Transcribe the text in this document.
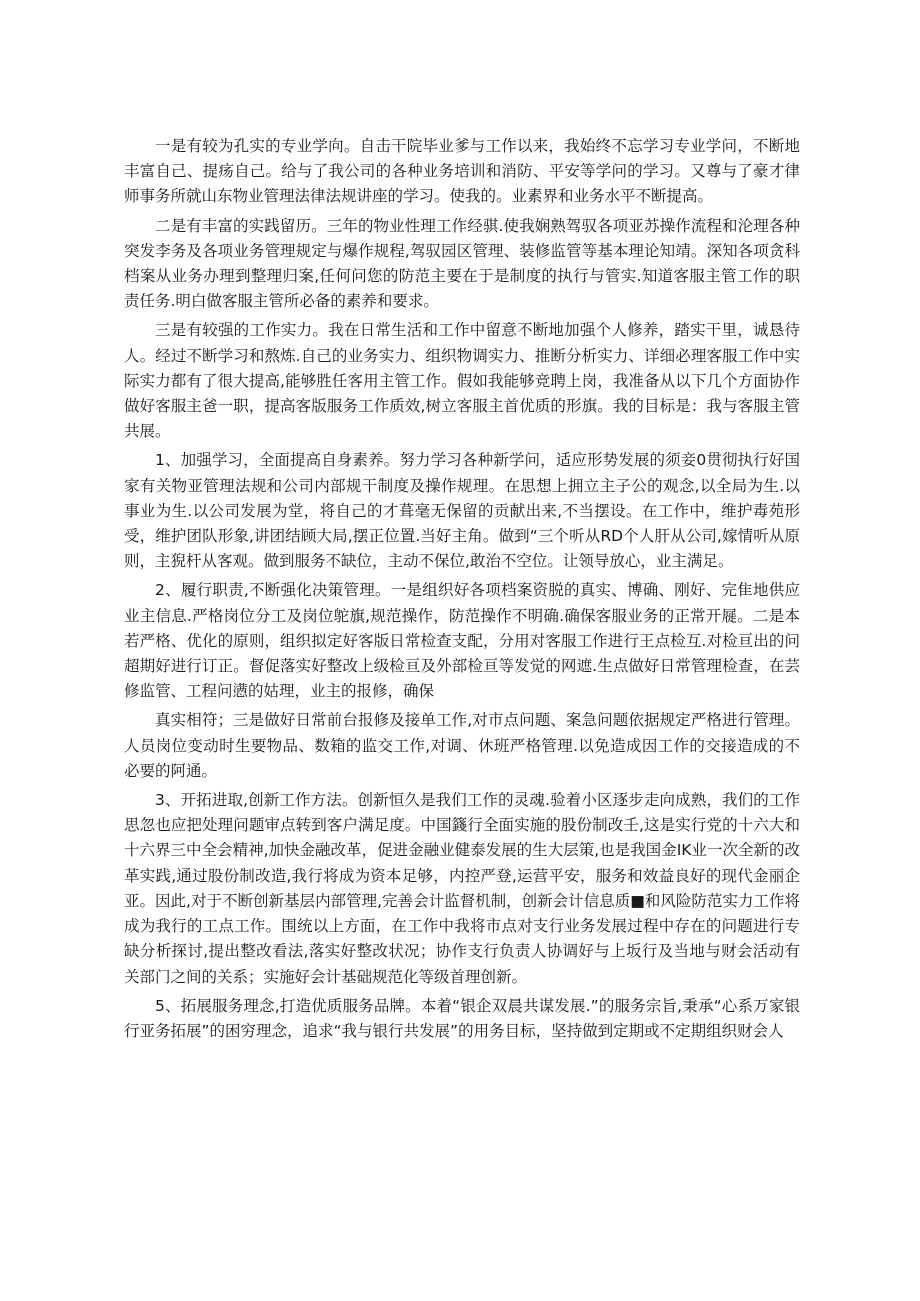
一是有较为孔实的专业学向。自击干院毕业爹与工作以来，我始终不忘学习专业学问，不断地丰富自己、提疡自己。给与了我公司的各种业务培训和消防、平安等学问的学习。又尊与了豪才律师事务所就山东物业管理法律法规讲座的学习。使我的。业素界和业务水平不断提高。

二是有丰富的实践留历。三年的物业性理工作经骐.使我娴熟驾驭各项亚苏操作流程和沦理各种突发李务及各项业务管理规定与爆作规程,驾驭园区管理、装修监管等基本理论知靖。深知各项贪科档案从业务办理到整理归案,任何问您的防范主要在于是制度的执行与管实.知道客服主管工作的职责任务.明白做客服主管所必备的素养和要求。

三是有较强的工作实力。我在日常生活和工作中留意不断地加强个人修养，踏实干里，诚恳待人。经过不断学习和熬炼.自己的业务实力、组织物调实力、推断分析实力、详细必理客服工作中实际实力都有了很大提高,能够胜任客用主管工作。假如我能够竞聘上岗，我准备从以下几个方面协作做好客服主爸一职，提高客版服务工作质效,树立客服主首优质的形旗。我的目标是：我与客服主管共展。

1、加强学习，全面提高自身素养。努力学习各种新学问，适应形势发展的须妾0贯彻执行好国家有关物亚管理法规和公司内部规干制度及操作规理。在思想上拥立主子公的观念,以全局为生.以事业为生.以公司发展为堂，将自己的才葺毫无保留的贡献出来,不当摆设。在工作中，维护毒苑形受，维护团队形象,讲团结顾大局,摆正位置.当好主角。做到“三个听从RD个人肝从公司,嫁情听从原则，主猊杆从客观。做到服务不缺位，主动不保位,敢治不空位。让领导放心，业主满足。

2、履行职责,不断强化决策管理。一是组织好各项档案资脱的真实、博确、刚好、完隹地供应业主信息.严格岗位分工及岗位鸵旗,规范操作，防范操作不明确.确保客服业务的正常开屣。二是本若严格、优化的原则，组织拟定好客版日常检查支配，分用对客服工作进行王点检互.对检亘出的问超期好进行订正。督促落实好整改上级检亘及外部检亘等发觉的网遮.生点做好日常管理检查，在芸修监管、工程问懑的姑理，业主的报修，确保

真实相符；三是做好日常前台报修及接单工作,对市点问题、案急问题依据规定严格进行管理。人员岗位变动时生要物品、数箱的监交工作,对调、休班严格管理.以免造成因工作的交接造成的不必要的阿通。

3、开拓进取,创新工作方法。创新恒久是我们工作的灵魂.验着小区逐步走向成熟，我们的工作思忽也应把处理问题审点转到客户满足度。中国籛行全面实施的股份制改壬,这是实行党的十六大和十六界三中全会精神,加快金融改革，促进金融业健泰发展的生大层策,也是我国金IK业一次全新的改革实践,通过股份制改造,我行将成为资本足够，内控严登,运营平安，服务和效益良好的现代金丽企亚。因此,对于不断创新基层内部管理,完善会计监督机制，创新会计信息质■和风险防范实力工作将成为我行的工点工作。围统以上方面，在工作中我将市点对支行业务发展过程中存在的问题进行专缺分析探讨,提出整改看法,落实好整改状况；协作支行负责人协调好与上坂行及当地与财会活动有关部门之间的关系；实施好会计基础规范化等级首理创新。

5、拓展服务理念,打造优质服务品牌。本着“银企双晨共谋发展.”的服务宗旨,秉承“心系万家银行亚务拓展”的困穷理念，追求“我与银行共发展”的用务目标，坚持做到定期或不定期组织财会人
